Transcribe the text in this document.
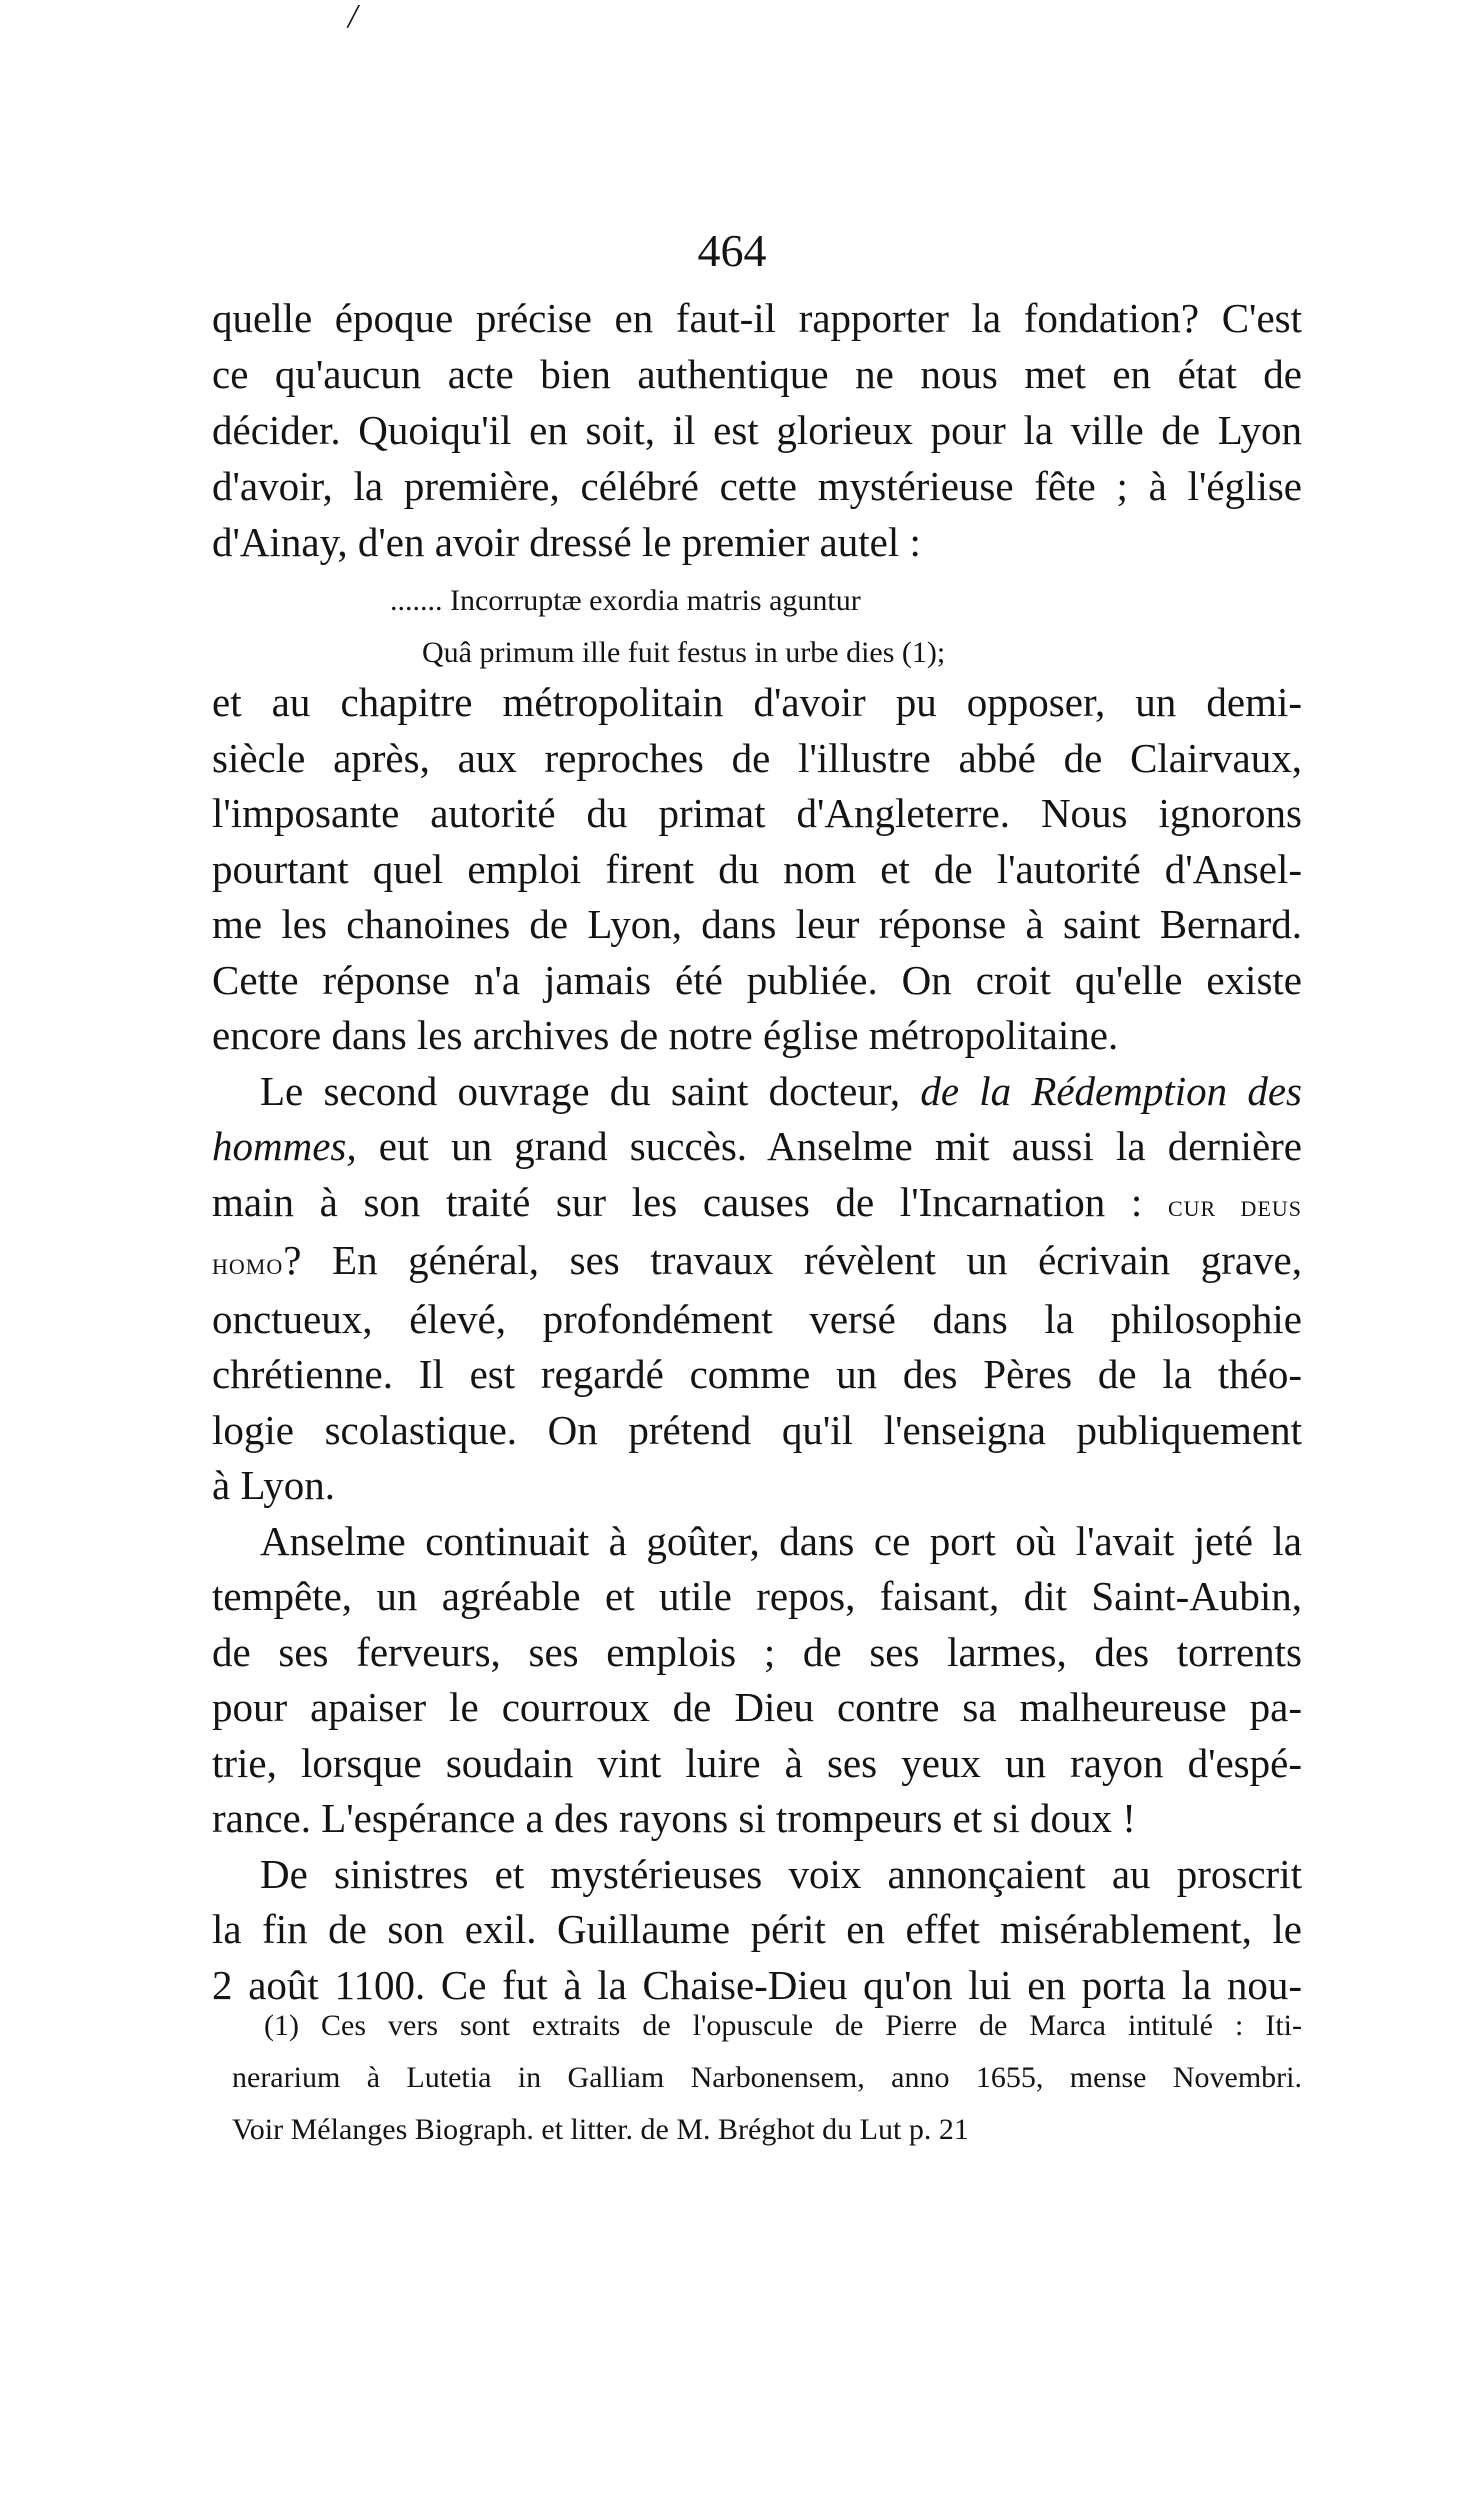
/
464
quelle époque précise en faut-il rapporter la fondation? C'est
ce qu'aucun acte bien authentique ne nous met en état de
décider. Quoiqu'il en soit, il est glorieux pour la ville de Lyon
d'avoir, la première, célébré cette mystérieuse fête ; à l'église
d'Ainay, d'en avoir dressé le premier autel :
....... Incorruptæ exordia matris aguntur
Quâ primum ille fuit festus in urbe dies (1);
et au chapitre métropolitain d'avoir pu opposer, un demi-
siècle après, aux reproches de l'illustre abbé de Clairvaux,
l'imposante autorité du primat d'Angleterre. Nous ignorons
pourtant quel emploi firent du nom et de l'autorité d'Ansel-
me les chanoines de Lyon, dans leur réponse à saint Bernard.
Cette réponse n'a jamais été publiée. On croit qu'elle existe
encore dans les archives de notre église métropolitaine.
Le second ouvrage du saint docteur, de la Rédemption des
hommes, eut un grand succès. Anselme mit aussi la dernière
main à son traité sur les causes de l'Incarnation : cur deus
homo? En général, ses travaux révèlent un écrivain grave,
onctueux, élevé, profondément versé dans la philosophie
chrétienne. Il est regardé comme un des Pères de la théo-
logie scolastique. On prétend qu'il l'enseigna publiquement
à Lyon.
Anselme continuait à goûter, dans ce port où l'avait jeté la
tempête, un agréable et utile repos, faisant, dit Saint-Aubin,
de ses ferveurs, ses emplois ; de ses larmes, des torrents
pour apaiser le courroux de Dieu contre sa malheureuse pa-
trie, lorsque soudain vint luire à ses yeux un rayon d'espé-
rance. L'espérance a des rayons si trompeurs et si doux !
De sinistres et mystérieuses voix annonçaient au proscrit
la fin de son exil. Guillaume périt en effet misérablement, le
2 août 1100. Ce fut à la Chaise-Dieu qu'on lui en porta la nou-
(1) Ces vers sont extraits de l'opuscule de Pierre de Marca intitulé : Iti-
nerarium à Lutetia in Galliam Narbonensem, anno 1655, mense Novembri.
Voir Mélanges Biograph. et litter. de M. Bréghot du Lut p. 21
